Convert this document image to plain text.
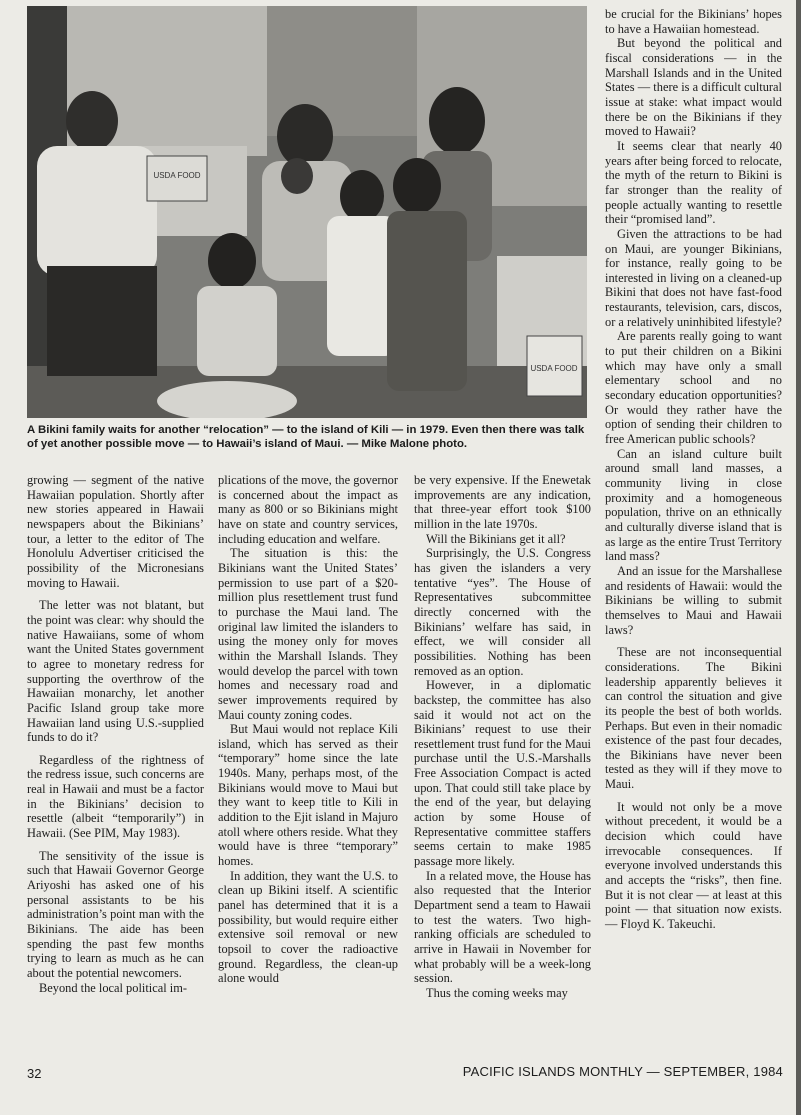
USDA FOOD
USDA FOOD

A Bikini family waits for another “relocation” — to the island of Kili — in 1979. Even then there was talk of yet another possible move — to Hawaii’s island of Maui. — Mike Malone photo.

growing — segment of the native Hawaiian population. Shortly after new stories appeared in Hawaii newspapers about the Bikinians’ tour, a letter to the editor of The Honolulu Advertiser criticised the possibility of the Micronesians moving to Hawaii.

The letter was not blatant, but the point was clear: why should the native Hawaiians, some of whom want the United States government to agree to monetary redress for supporting the overthrow of the Hawaiian monarchy, let another Pacific Island group take more Hawaiian land using U.S.-supplied funds to do it?

Regardless of the rightness of the redress issue, such concerns are real in Hawaii and must be a factor in the Bikinians’ decision to resettle (albeit “temporarily”) in Hawaii. (See PIM, May 1983).

The sensitivity of the issue is such that Hawaii Governor George Ariyoshi has asked one of his personal assistants to be his administration’s point man with the Bikinians. The aide has been spending the past few months trying to learn as much as he can about the potential newcomers.

Beyond the local political im-

plications of the move, the governor is concerned about the impact as many as 800 or so Bikinians might have on state and country services, including education and welfare.

The situation is this: the Bikinians want the United States’ permission to use part of a $20-million plus resettlement trust fund to purchase the Maui land. The original law limited the islanders to using the money only for moves within the Marshall Islands. They would develop the parcel with town homes and necessary road and sewer improvements required by Maui county zoning codes.

But Maui would not replace Kili island, which has served as their “temporary” home since the late 1940s. Many, perhaps most, of the Bikinians would move to Maui but they want to keep title to Kili in addition to the Ejit island in Majuro atoll where others reside. What they would have is three “temporary” homes.

In addition, they want the U.S. to clean up Bikini itself. A scientific panel has determined that it is a possibility, but would require either extensive soil removal or new topsoil to cover the radioactive ground. Regardless, the clean-up alone would

be very expensive. If the Enewetak improvements are any indication, that three-year effort took $100 million in the late 1970s.

Will the Bikinians get it all?

Surprisingly, the U.S. Congress has given the islanders a very tentative “yes”. The House of Representatives subcommittee directly concerned with the Bikinians’ welfare has said, in effect, we will consider all possibilities. Nothing has been removed as an option.

However, in a diplomatic backstep, the committee has also said it would not act on the Bikinians’ request to use their resettlement trust fund for the Maui purchase until the U.S.-Marshalls Free Association Compact is acted upon. That could still take place by the end of the year, but delaying action by some House of Representative committee staffers seems certain to make 1985 passage more likely.

In a related move, the House has also requested that the Interior Department send a team to Hawaii to test the waters. Two high-ranking officials are scheduled to arrive in Hawaii in November for what probably will be a week-long session.

Thus the coming weeks may

be crucial for the Bikinians’ hopes to have a Hawaiian homestead.

But beyond the political and fiscal considerations — in the Marshall Islands and in the United States — there is a difficult cultural issue at stake: what impact would there be on the Bikinians if they moved to Hawaii?

It seems clear that nearly 40 years after being forced to relocate, the myth of the return to Bikini is far stronger than the reality of people actually wanting to resettle their “promised land”.

Given the attractions to be had on Maui, are younger Bikinians, for instance, really going to be interested in living on a cleaned-up Bikini that does not have fast-food restaurants, television, cars, discos, or a relatively uninhibited lifestyle?

Are parents really going to want to put their children on a Bikini which may have only a small elementary school and no secondary education opportunities? Or would they rather have the option of sending their children to free American public schools?

Can an island culture built around small land masses, a community living in close proximity and a homogeneous population, thrive on an ethnically and culturally diverse island that is as large as the entire Trust Territory land mass?

And an issue for the Marshallese and residents of Hawaii: would the Bikinians be willing to submit themselves to Maui and Hawaii laws?

These are not inconsequential considerations. The Bikini leadership apparently believes it can control the situation and give its people the best of both worlds. Perhaps. But even in their nomadic existence of the past four decades, the Bikinians have never been tested as they will if they move to Maui.

It would not only be a move without precedent, it would be a decision which could have irrevocable consequences. If everyone involved understands this and accepts the “risks”, then fine. But it is not clear — at least at this point — that situation now exists. — Floyd K. Takeuchi.

32	PACIFIC ISLANDS MONTHLY — SEPTEMBER, 1984
